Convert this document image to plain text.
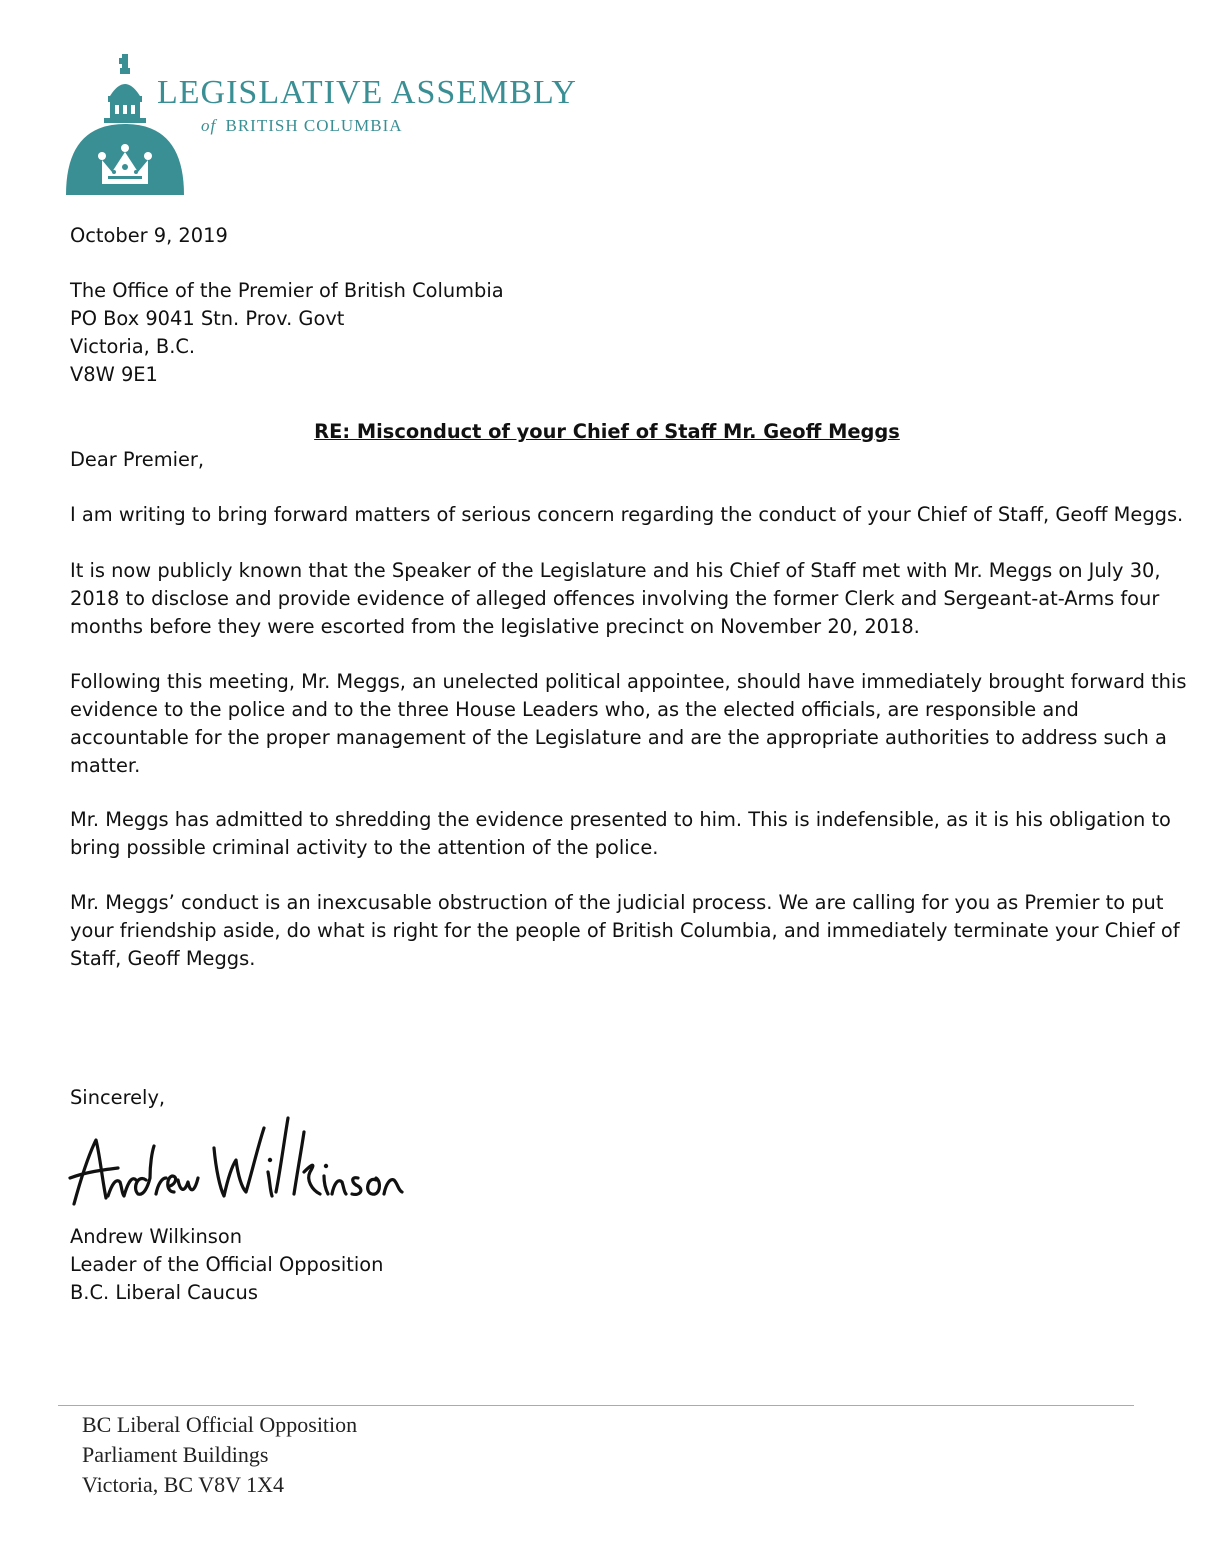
LEGISLATIVE ASSEMBLY
of BRITISH COLUMBIA
October 9, 2019
The Office of the Premier of British Columbia
PO Box 9041 Stn. Prov. Govt
Victoria, B.C.
V8W 9E1
RE: Misconduct of your Chief of Staff Mr. Geoff Meggs
Dear Premier,

I am writing to bring forward matters of serious concern regarding the conduct of your Chief of Staff, Geoff Meggs.

It is now publicly known that the Speaker of the Legislature and his Chief of Staff met with Mr. Meggs on July 30,

2018 to disclose and provide evidence of alleged offences involving the former Clerk and Sergeant-at-Arms four

months before they were escorted from the legislative precinct on November 20, 2018.

Following this meeting, Mr. Meggs, an unelected political appointee, should have immediately brought forward this

evidence to the police and to the three House Leaders who, as the elected officials, are responsible and

accountable for the proper management of the Legislature and are the appropriate authorities to address such a

matter.

Mr. Meggs has admitted to shredding the evidence presented to him. This is indefensible, as it is his obligation to

bring possible criminal activity to the attention of the police.

Mr. Meggs’ conduct is an inexcusable obstruction of the judicial process. We are calling for you as Premier to put

your friendship aside, do what is right for the people of British Columbia, and immediately terminate your Chief of

Staff, Geoff Meggs.

Sincerely,
Andrew Wilkinson
Leader of the Official Opposition
B.C. Liberal Caucus
BC Liberal Official Opposition
Parliament Buildings
Victoria, BC V8V 1X4
